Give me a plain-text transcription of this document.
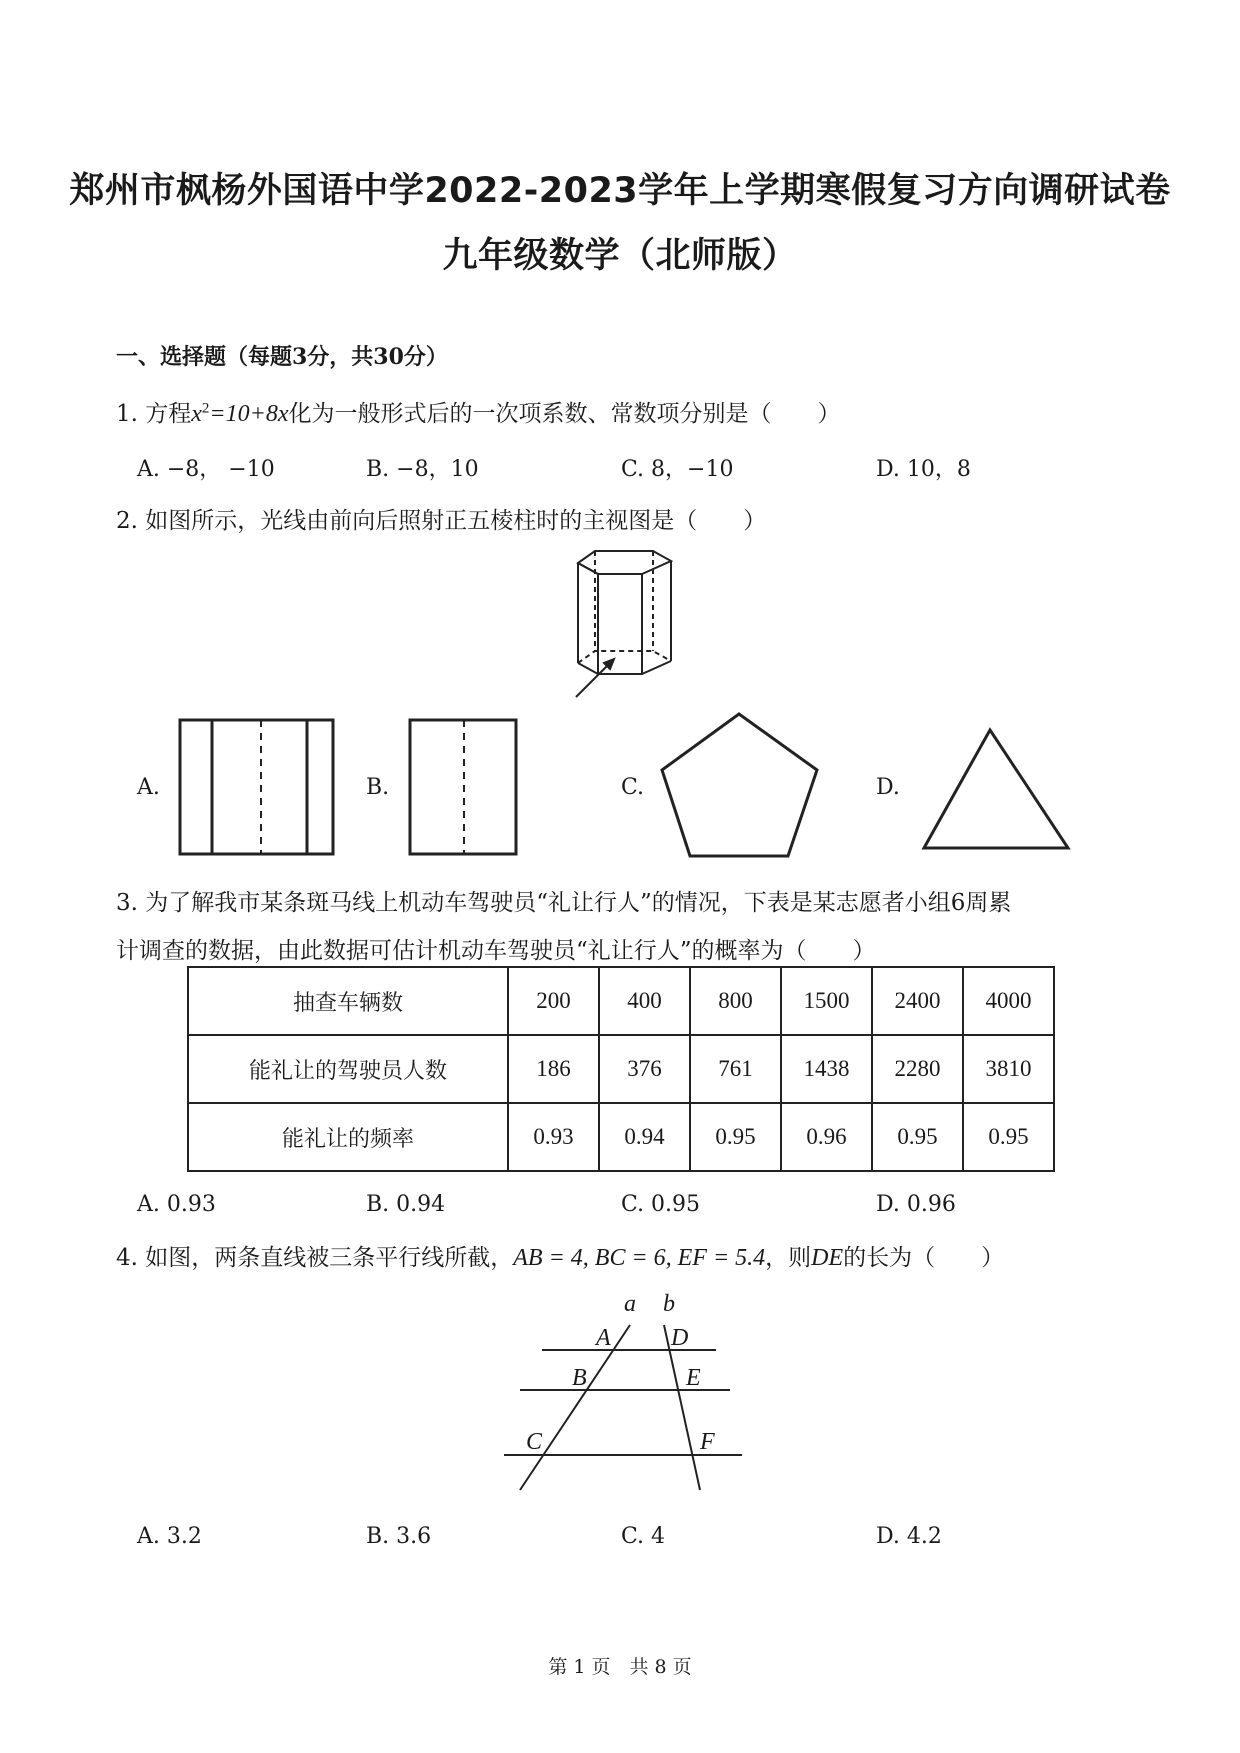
郑州市枫杨外国语中学2022-2023学年上学期寒假复习方向调研试卷
九年级数学（北师版）
一、选择题（每题3分，共30分）
1. 方程$x^2=10+8x$化为一般形式后的一次项系数、常数项分别是（　　）
A. −8， −10	B. −8，10	C. 8，−10	D. 10，8
2. 如图所示，光线由前向后照射正五棱柱时的主视图是（　　）
A.	B.	C.	D.
3. 为了解我市某条斑马线上机动车驾驶员“礼让行人”的情况，下表是某志愿者小组6周累
计调查的数据，由此数据可估计机动车驾驶员“礼让行人”的概率为（　　）
抽查车辆数	200	400	800	1500	2400	4000
能礼让的驾驶员人数	186	376	761	1438	2280	3810
能礼让的频率	0.93	0.94	0.95	0.96	0.95	0.95
A. 0.93	B. 0.94	C. 0.95	D. 0.96
4. 如图，两条直线被三条平行线所截，AB = 4, BC = 6, EF = 5.4，则DE的长为（　　）
a b
A	D
B	E
C	F
A. 3.2	B. 3.6	C. 4	D. 4.2
第 1 页　共 8 页
